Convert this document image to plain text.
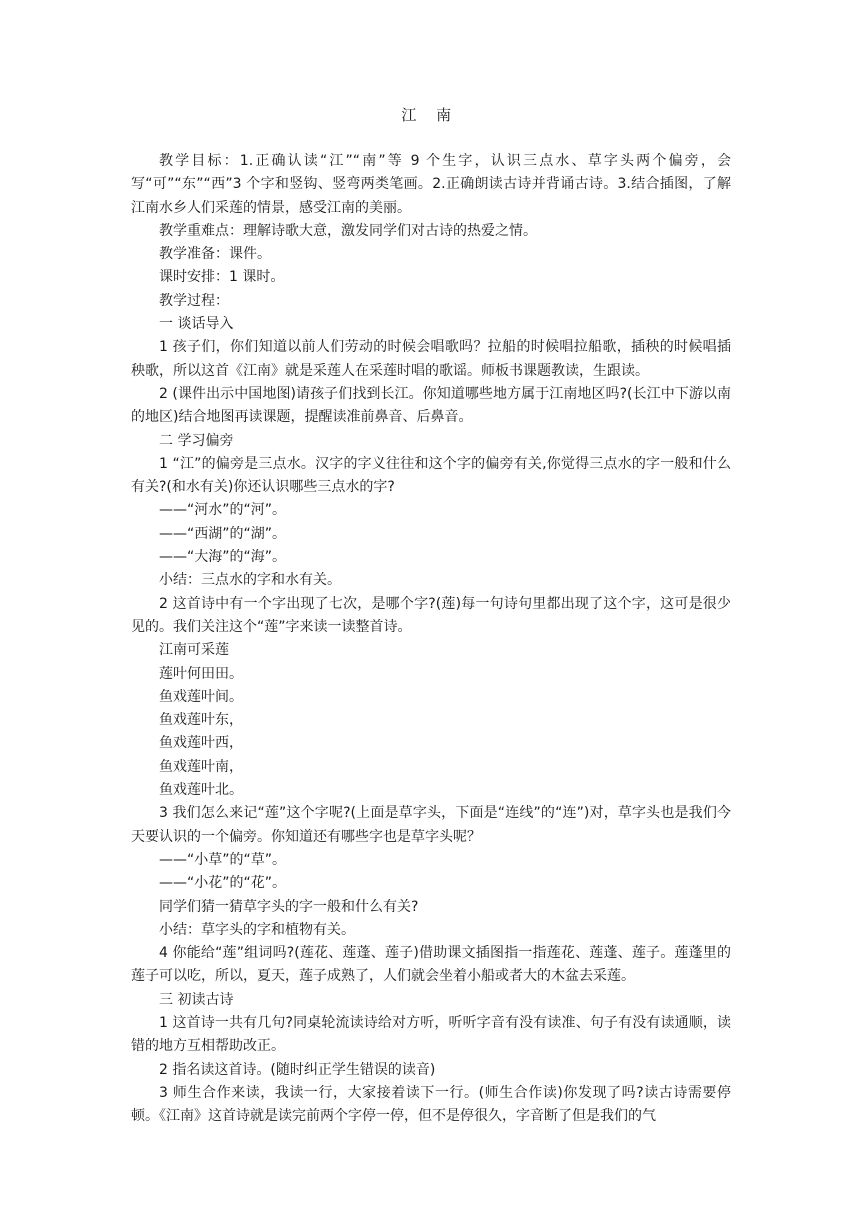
江 南

教学目标：1.正确认读“江”“南”等 9 个生字，认识三点水、草字头两个偏旁，会写“可”“东”“西”3 个字和竖钩、竖弯两类笔画。2.正确朗读古诗并背诵古诗。3.结合插图，了解江南水乡人们采莲的情景，感受江南的美丽。

教学重难点：理解诗歌大意，激发同学们对古诗的热爱之情。

教学准备：课件。

课时安排：1 课时。

教学过程：

一 谈话导入

1 孩子们，你们知道以前人们劳动的时候会唱歌吗？拉船的时候唱拉船歌，插秧的时候唱插秧歌，所以这首《江南》就是采莲人在采莲时唱的歌谣。师板书课题教读，生跟读。

2 (课件出示中国地图)请孩子们找到长江。你知道哪些地方属于江南地区吗?(长江中下游以南的地区)结合地图再读课题，提醒读准前鼻音、后鼻音。

二 学习偏旁

1 “江”的偏旁是三点水。汉字的字义往往和这个字的偏旁有关,你觉得三点水的字一般和什么有关?(和水有关)你还认识哪些三点水的字?

——“河水”的“河”。

——“西湖”的“湖”。

——“大海”的“海”。

小结：三点水的字和水有关。

2 这首诗中有一个字出现了七次，是哪个字?(莲)每一句诗句里都出现了这个字，这可是很少见的。我们关注这个“莲”字来读一读整首诗。

江南可采莲

莲叶何田田。

鱼戏莲叶间。

鱼戏莲叶东，

鱼戏莲叶西，

鱼戏莲叶南，

鱼戏莲叶北。

3 我们怎么来记“莲”这个字呢?(上面是草字头，下面是“连线”的“连”)对，草字头也是我们今天要认识的一个偏旁。你知道还有哪些字也是草字头呢？

——“小草”的“草”。

——“小花”的“花”。

同学们猜一猜草字头的字一般和什么有关?

小结：草字头的字和植物有关。

4 你能给“莲”组词吗?(莲花、莲蓬、莲子)借助课文插图指一指莲花、莲蓬、莲子。莲蓬里的莲子可以吃，所以，夏天，莲子成熟了，人们就会坐着小船或者大的木盆去采莲。

三 初读古诗

1 这首诗一共有几句?同桌轮流读诗给对方听，听听字音有没有读准、句子有没有读通顺，读错的地方互相帮助改正。

2 指名读这首诗。(随时纠正学生错误的读音)

3 师生合作来读，我读一行，大家接着读下一行。(师生合作读)你发现了吗?读古诗需要停顿。《江南》这首诗就是读完前两个字停一停，但不是停很久，字音断了但是我们的气
